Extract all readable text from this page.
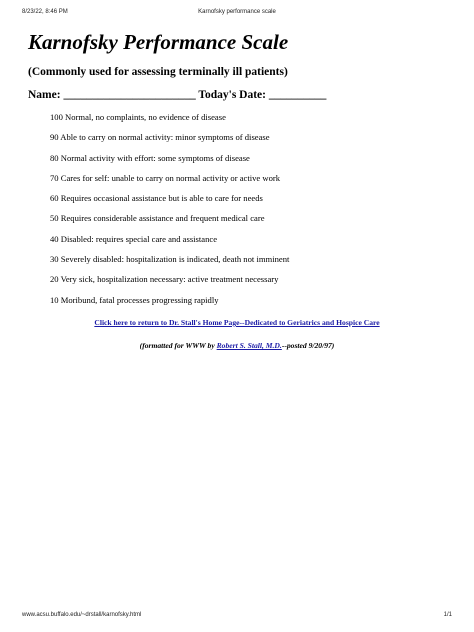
8/23/22, 8:46 PM	Karnofsky performance scale
Karnofsky Performance Scale

(Commonly used for assessing terminally ill patients)

Name: _______________________ Today's Date: __________

100 Normal, no complaints, no evidence of disease
90 Able to carry on normal activity: minor symptoms of disease
80 Normal activity with effort: some symptoms of disease
70 Cares for self: unable to carry on normal activity or active work
60 Requires occasional assistance but is able to care for needs
50 Requires considerable assistance and frequent medical care
40 Disabled: requires special care and assistance
30 Severely disabled: hospitalization is indicated, death not imminent
20 Very sick, hospitalization necessary: active treatment necessary
10 Moribund, fatal processes progressing rapidly
Click here to return to Dr. Stall's Home Page--Dedicated to Geriatrics and Hospice Care
(formatted for WWW by Robert S. Stall, M.D.--posted 9/20/97)
www.acsu.buffalo.edu/~drstall/karnofsky.html	1/1
